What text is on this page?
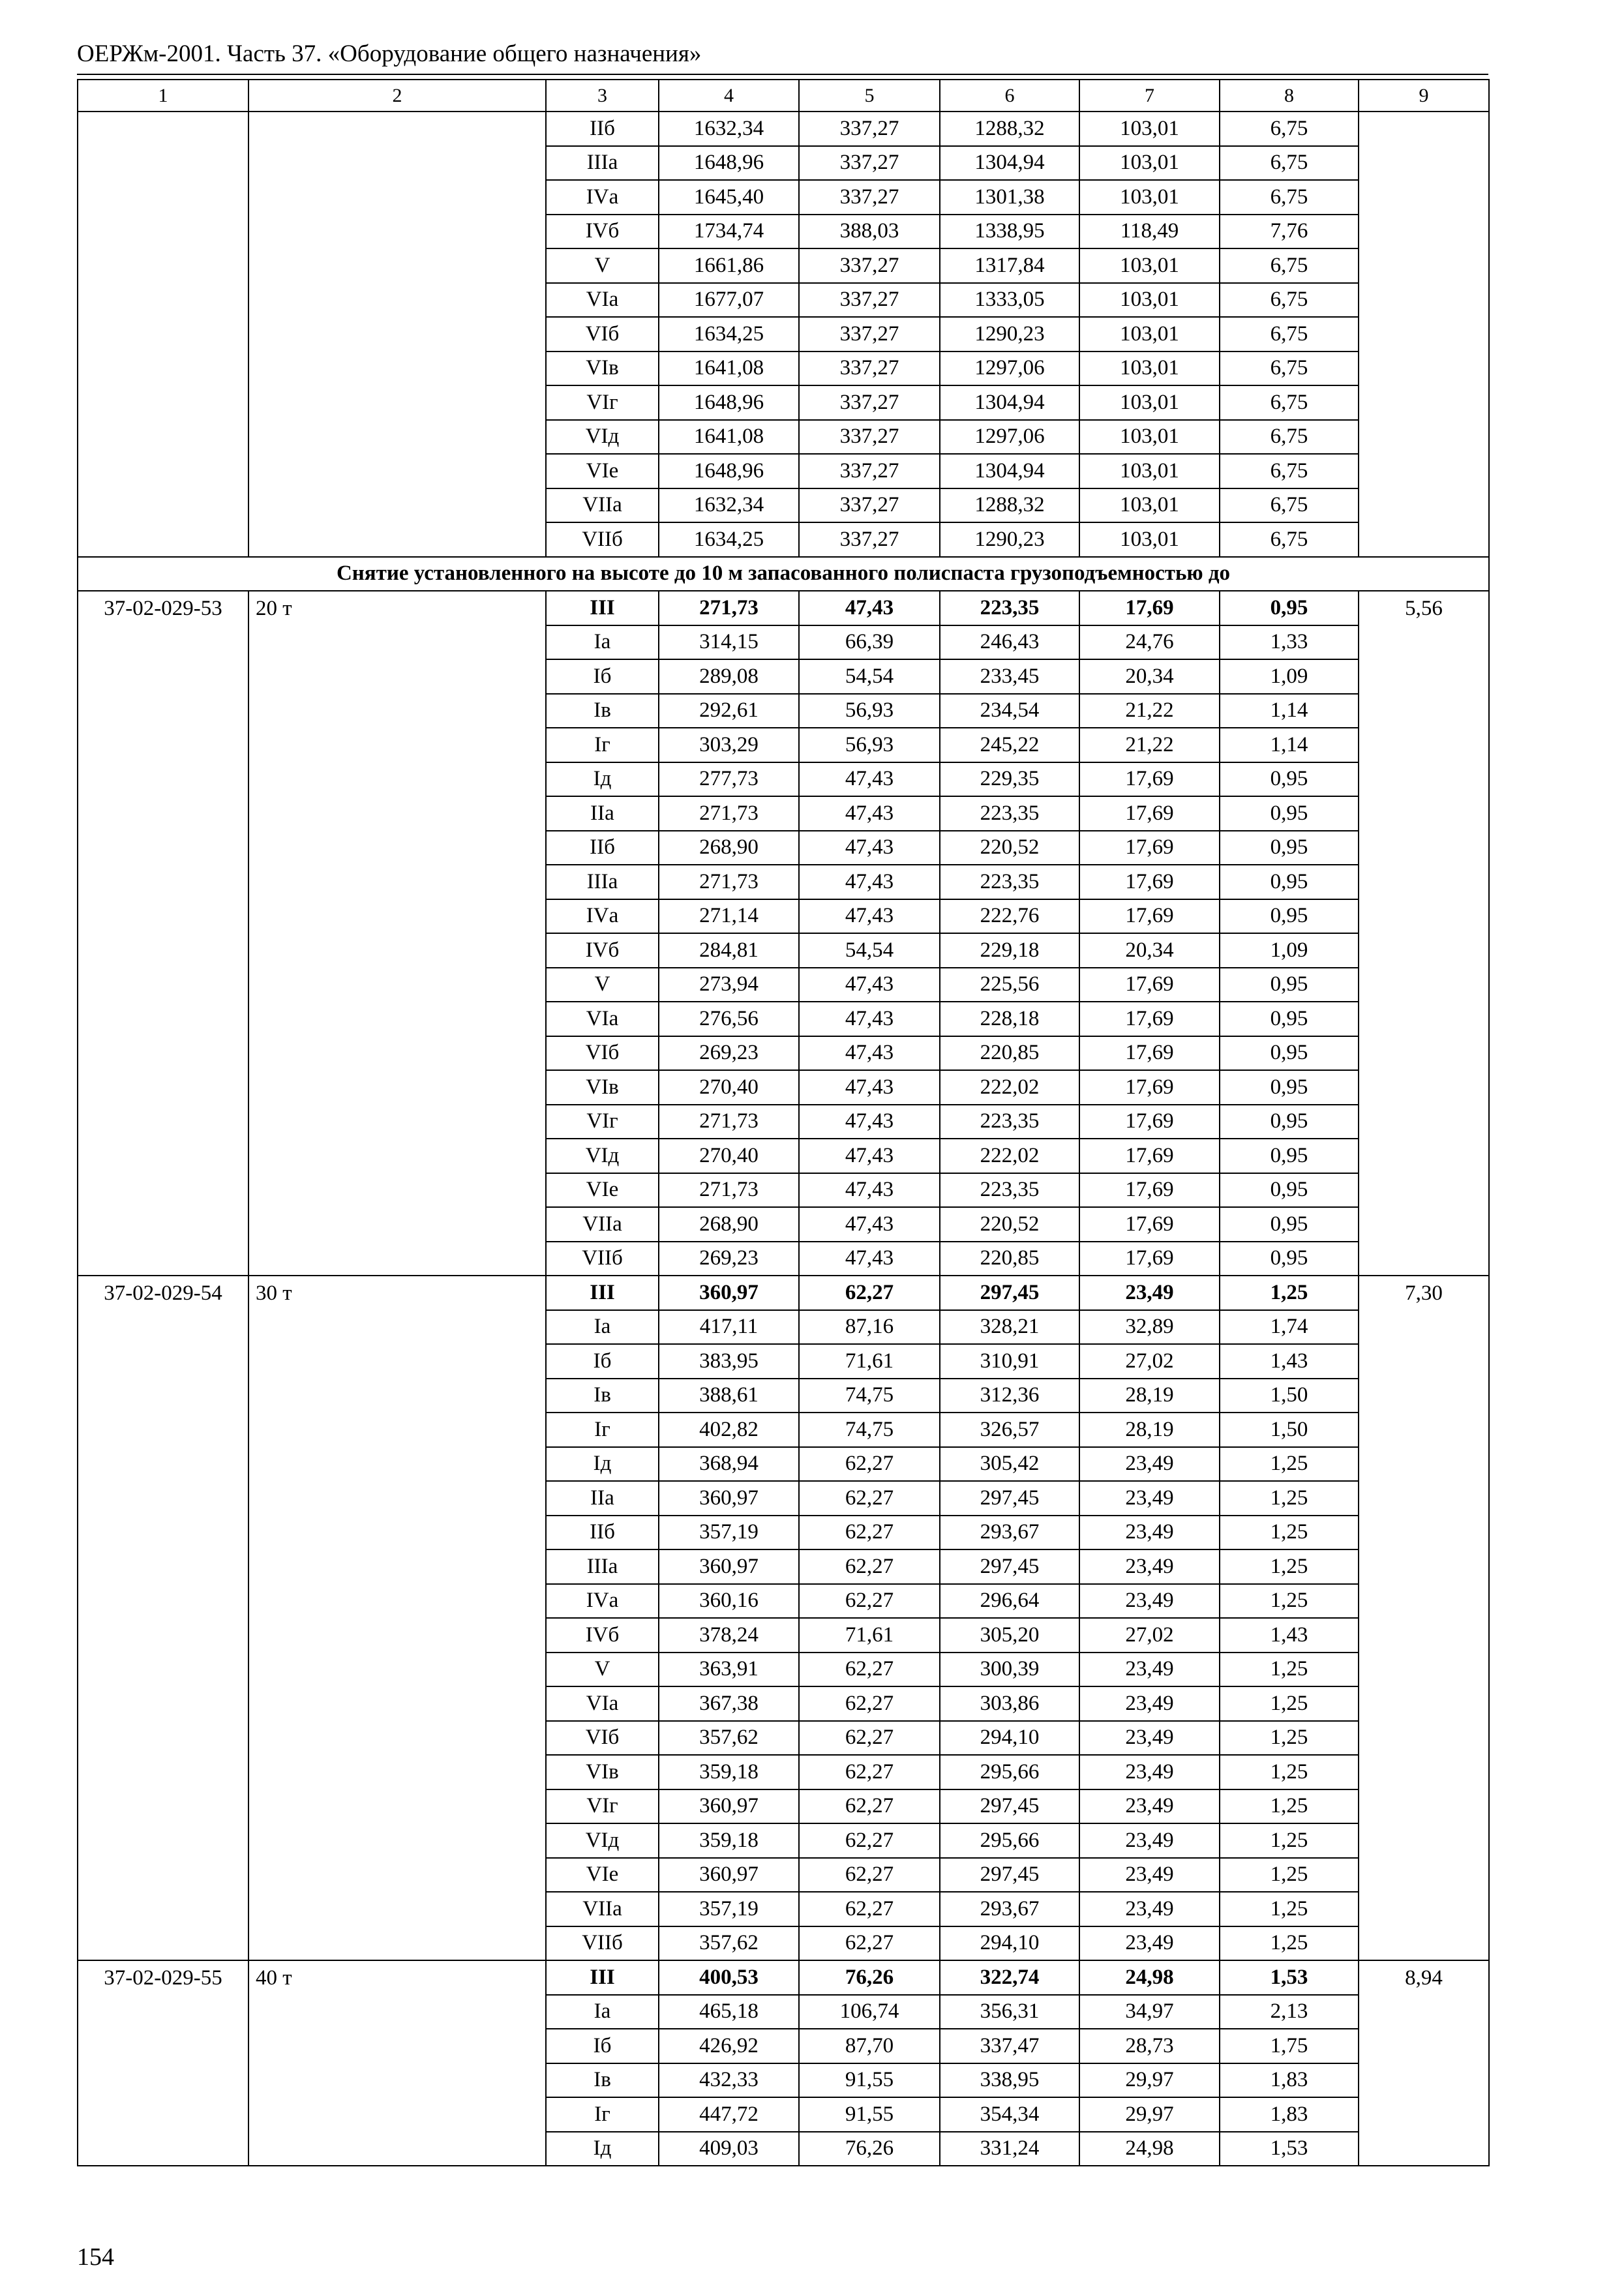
ОЕРЖм-2001. Часть 37. «Оборудование общего назначения»
1	2	3	4	5	6	7	8	9
		IIб	1632,34	337,27	1288,32	103,01	6,75	
		IIIа	1648,96	337,27	1304,94	103,01	6,75	
		IVа	1645,40	337,27	1301,38	103,01	6,75	
		IVб	1734,74	388,03	1338,95	118,49	7,76	
		V	1661,86	337,27	1317,84	103,01	6,75	
		VIа	1677,07	337,27	1333,05	103,01	6,75	
		VIб	1634,25	337,27	1290,23	103,01	6,75	
		VIв	1641,08	337,27	1297,06	103,01	6,75	
		VIг	1648,96	337,27	1304,94	103,01	6,75	
		VIд	1641,08	337,27	1297,06	103,01	6,75	
		VIе	1648,96	337,27	1304,94	103,01	6,75	
		VIIа	1632,34	337,27	1288,32	103,01	6,75	
		VIIб	1634,25	337,27	1290,23	103,01	6,75	
Снятие установленного на высоте до 10 м запасованного полиспаста грузоподъемностью до								
37-02-029-53	20 т	III	271,73	47,43	223,35	17,69	0,95	5,56
		Iа	314,15	66,39	246,43	24,76	1,33	
		Iб	289,08	54,54	233,45	20,34	1,09	
		Iв	292,61	56,93	234,54	21,22	1,14	
		Iг	303,29	56,93	245,22	21,22	1,14	
		Iд	277,73	47,43	229,35	17,69	0,95	
		IIа	271,73	47,43	223,35	17,69	0,95	
		IIб	268,90	47,43	220,52	17,69	0,95	
		IIIа	271,73	47,43	223,35	17,69	0,95	
		IVа	271,14	47,43	222,76	17,69	0,95	
		IVб	284,81	54,54	229,18	20,34	1,09	
		V	273,94	47,43	225,56	17,69	0,95	
		VIа	276,56	47,43	228,18	17,69	0,95	
		VIб	269,23	47,43	220,85	17,69	0,95	
		VIв	270,40	47,43	222,02	17,69	0,95	
		VIг	271,73	47,43	223,35	17,69	0,95	
		VIд	270,40	47,43	222,02	17,69	0,95	
		VIе	271,73	47,43	223,35	17,69	0,95	
		VIIа	268,90	47,43	220,52	17,69	0,95	
		VIIб	269,23	47,43	220,85	17,69	0,95	
37-02-029-54	30 т	III	360,97	62,27	297,45	23,49	1,25	7,30
		Iа	417,11	87,16	328,21	32,89	1,74	
		Iб	383,95	71,61	310,91	27,02	1,43	
		Iв	388,61	74,75	312,36	28,19	1,50	
		Iг	402,82	74,75	326,57	28,19	1,50	
		Iд	368,94	62,27	305,42	23,49	1,25	
		IIа	360,97	62,27	297,45	23,49	1,25	
		IIб	357,19	62,27	293,67	23,49	1,25	
		IIIа	360,97	62,27	297,45	23,49	1,25	
		IVа	360,16	62,27	296,64	23,49	1,25	
		IVб	378,24	71,61	305,20	27,02	1,43	
		V	363,91	62,27	300,39	23,49	1,25	
		VIа	367,38	62,27	303,86	23,49	1,25	
		VIб	357,62	62,27	294,10	23,49	1,25	
		VIв	359,18	62,27	295,66	23,49	1,25	
		VIг	360,97	62,27	297,45	23,49	1,25	
		VIд	359,18	62,27	295,66	23,49	1,25	
		VIе	360,97	62,27	297,45	23,49	1,25	
		VIIа	357,19	62,27	293,67	23,49	1,25	
		VIIб	357,62	62,27	294,10	23,49	1,25	
37-02-029-55	40 т	III	400,53	76,26	322,74	24,98	1,53	8,94
		Iа	465,18	106,74	356,31	34,97	2,13	
		Iб	426,92	87,70	337,47	28,73	1,75	
		Iв	432,33	91,55	338,95	29,97	1,83	
		Iг	447,72	91,55	354,34	29,97	1,83	
		Iд	409,03	76,26	331,24	24,98	1,53	
154
